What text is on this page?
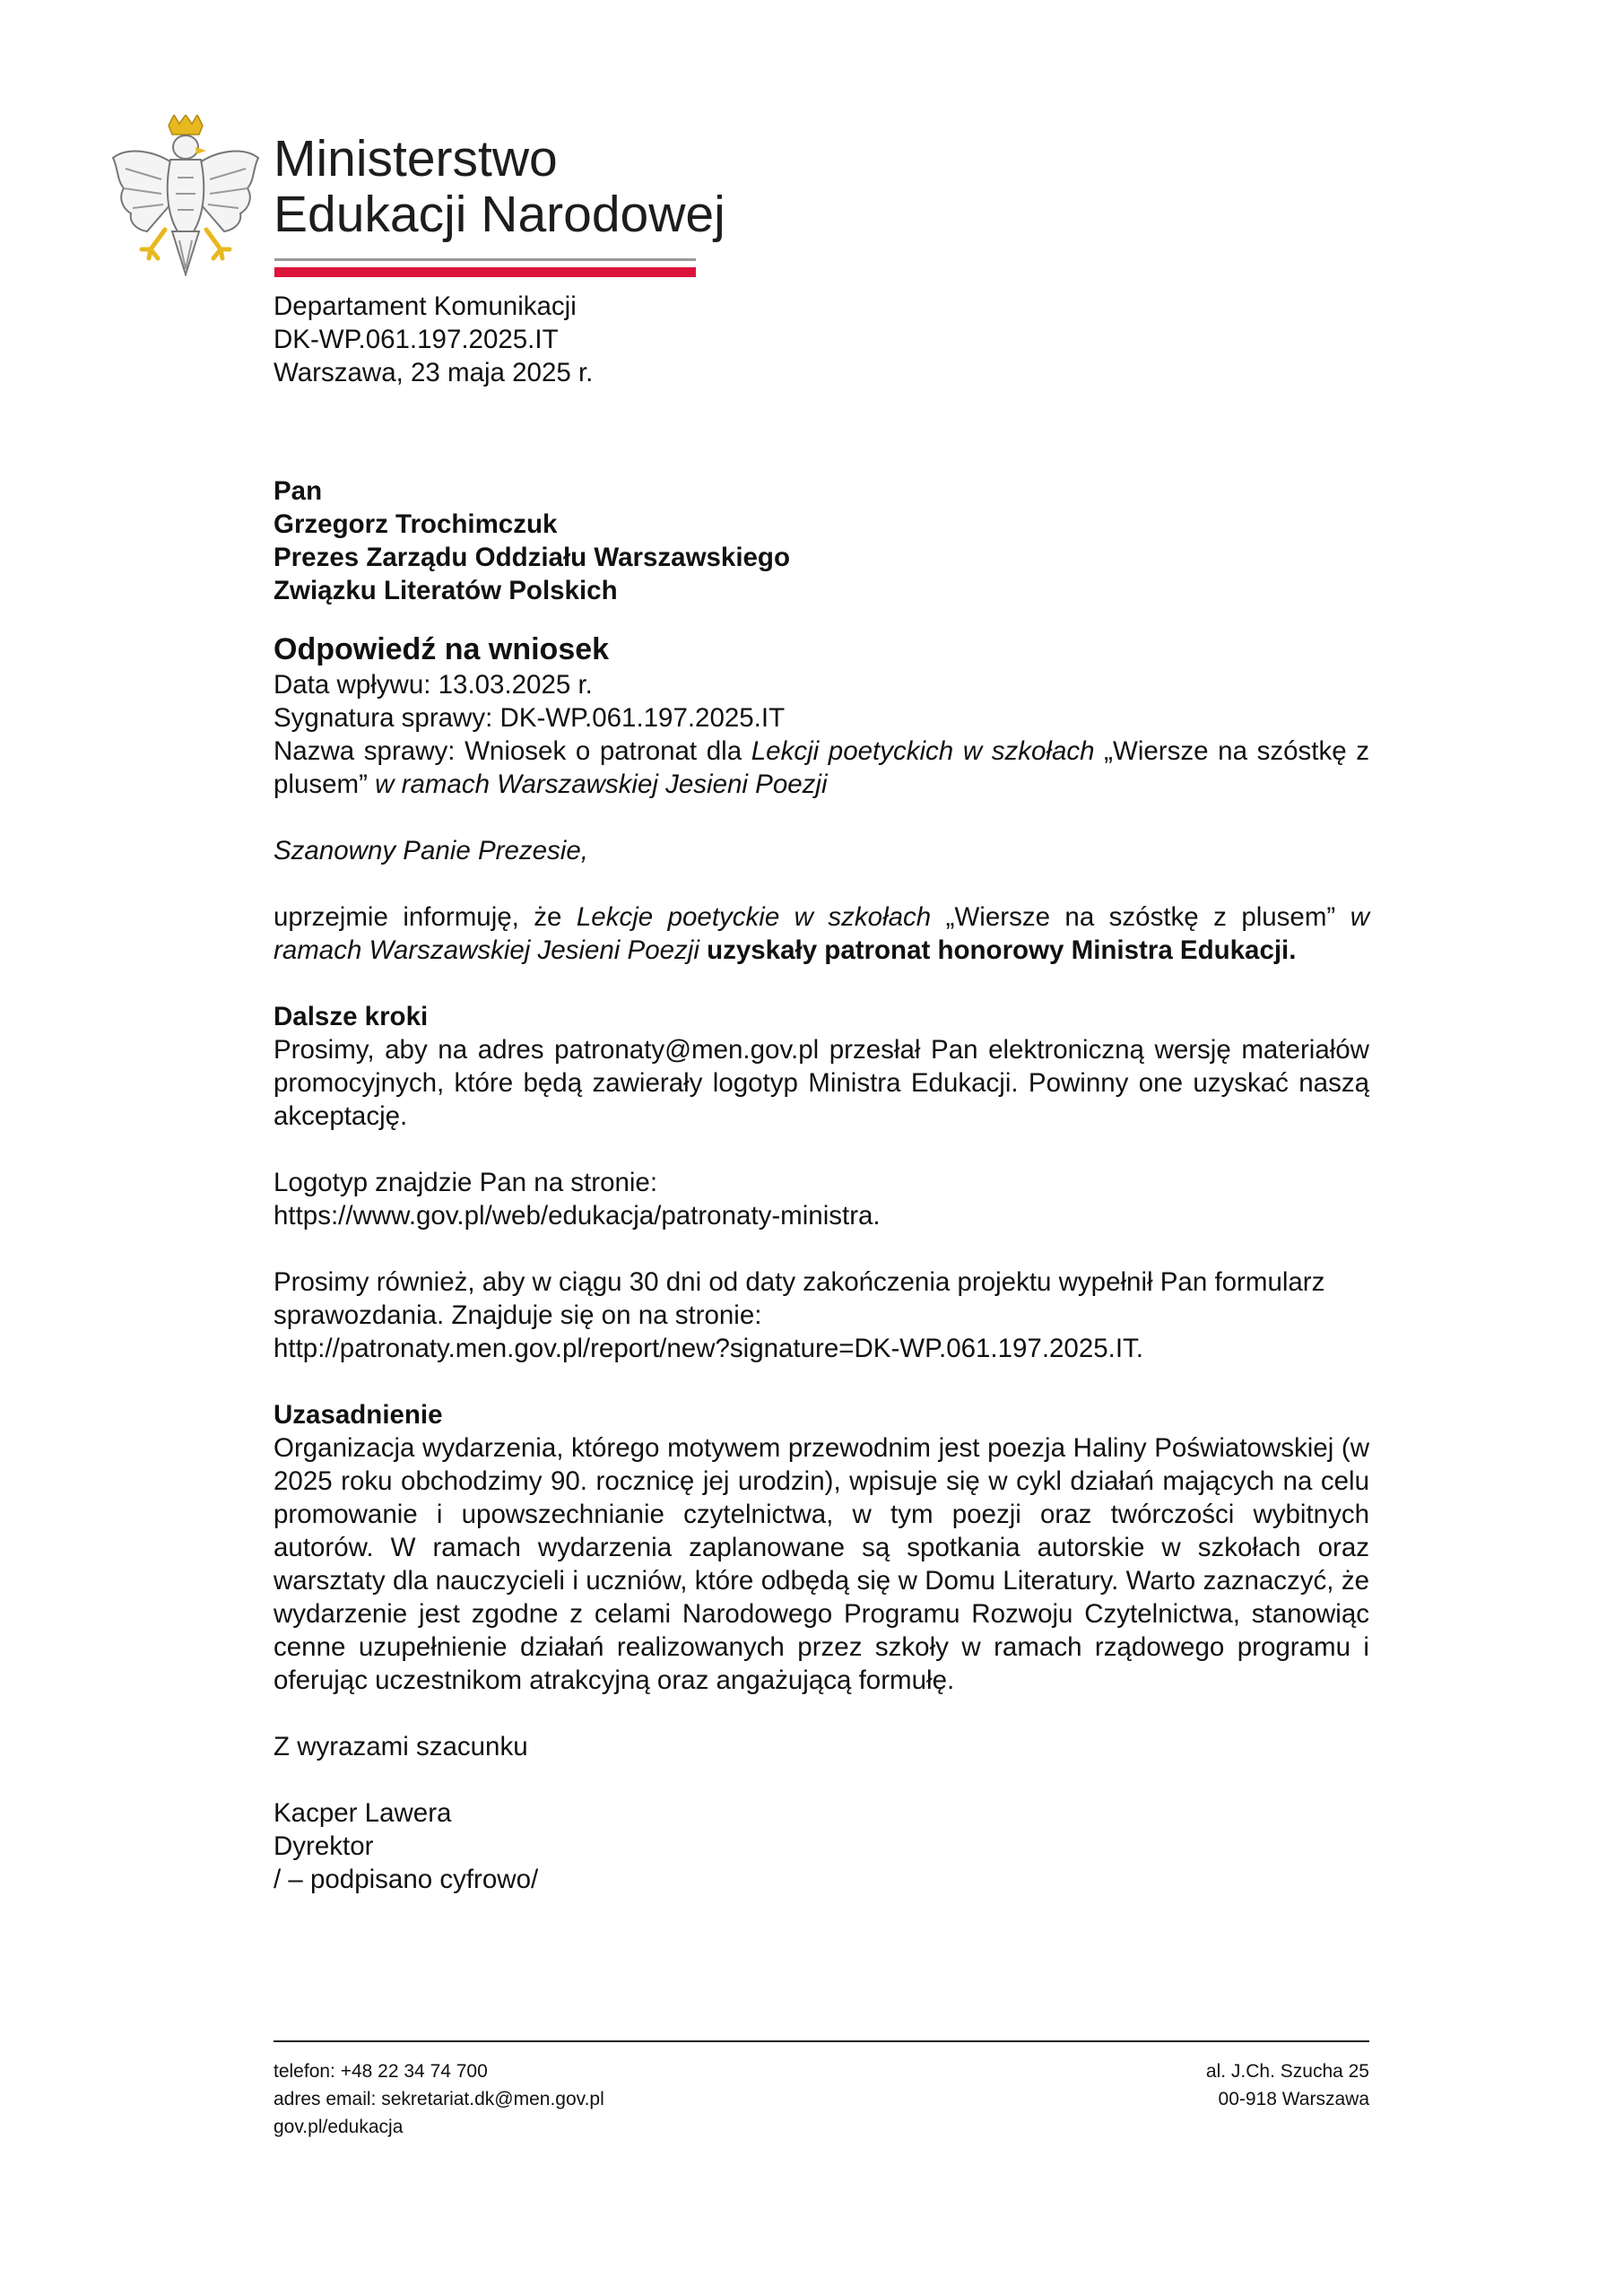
Ministerstwo
Edukacji Narodowej

Departament Komunikacji

DK-WP.061.197.2025.IT

Warszawa, 23 maja 2025 r.

Pan

Grzegorz Trochimczuk

Prezes Zarządu Oddziału Warszawskiego

Związku Literatów Polskich

Odpowiedź na wniosek

Data wpływu: 13.03.2025 r.

Sygnatura sprawy: DK-WP.061.197.2025.IT

Nazwa sprawy: Wniosek o patronat dla Lekcji poetyckich w szkołach „Wiersze na szóstkę z plusem” w ramach Warszawskiej Jesieni Poezji

Szanowny Panie Prezesie,

uprzejmie informuję, że Lekcje poetyckie w szkołach „Wiersze na szóstkę z plusem” w ramach Warszawskiej Jesieni Poezji uzyskały patronat honorowy Ministra Edukacji.

Dalsze kroki

Prosimy, aby na adres patronaty@men.gov.pl przesłał Pan elektroniczną wersję materiałów promocyjnych, które będą zawierały logotyp Ministra Edukacji. Powinny one uzyskać naszą akceptację.

Logotyp znajdzie Pan na stronie:

https://www.gov.pl/web/edukacja/patronaty-ministra.

Prosimy również, aby w ciągu 30 dni od daty zakończenia projektu wypełnił Pan formularz

sprawozdania. Znajduje się on na stronie:

http://patronaty.men.gov.pl/report/new?signature=DK-WP.061.197.2025.IT.

Uzasadnienie

Organizacja wydarzenia, którego motywem przewodnim jest poezja Haliny Poświatowskiej (w 2025 roku obchodzimy 90. rocznicę jej urodzin), wpisuje się w cykl działań mających na celu promowanie i upowszechnianie czytelnictwa, w tym poezji oraz twórczości wybitnych autorów. W ramach wydarzenia zaplanowane są spotkania autorskie w szkołach oraz warsztaty dla nauczycieli i uczniów, które odbędą się w Domu Literatury. Warto zaznaczyć, że wydarzenie jest zgodne z celami Narodowego Programu Rozwoju Czytelnictwa, stanowiąc cenne uzupełnienie działań realizowanych przez szkoły w ramach rządowego programu i oferując uczestnikom atrakcyjną oraz angażującą formułę.

Z wyrazami szacunku

Kacper Lawera

Dyrektor

/ – podpisano cyfrowo/

telefon: +48 22 34 74 700
adres email: sekretariat.dk@men.gov.pl
gov.pl/edukacja
al. J.Ch. Szucha 25
00-918 Warszawa
